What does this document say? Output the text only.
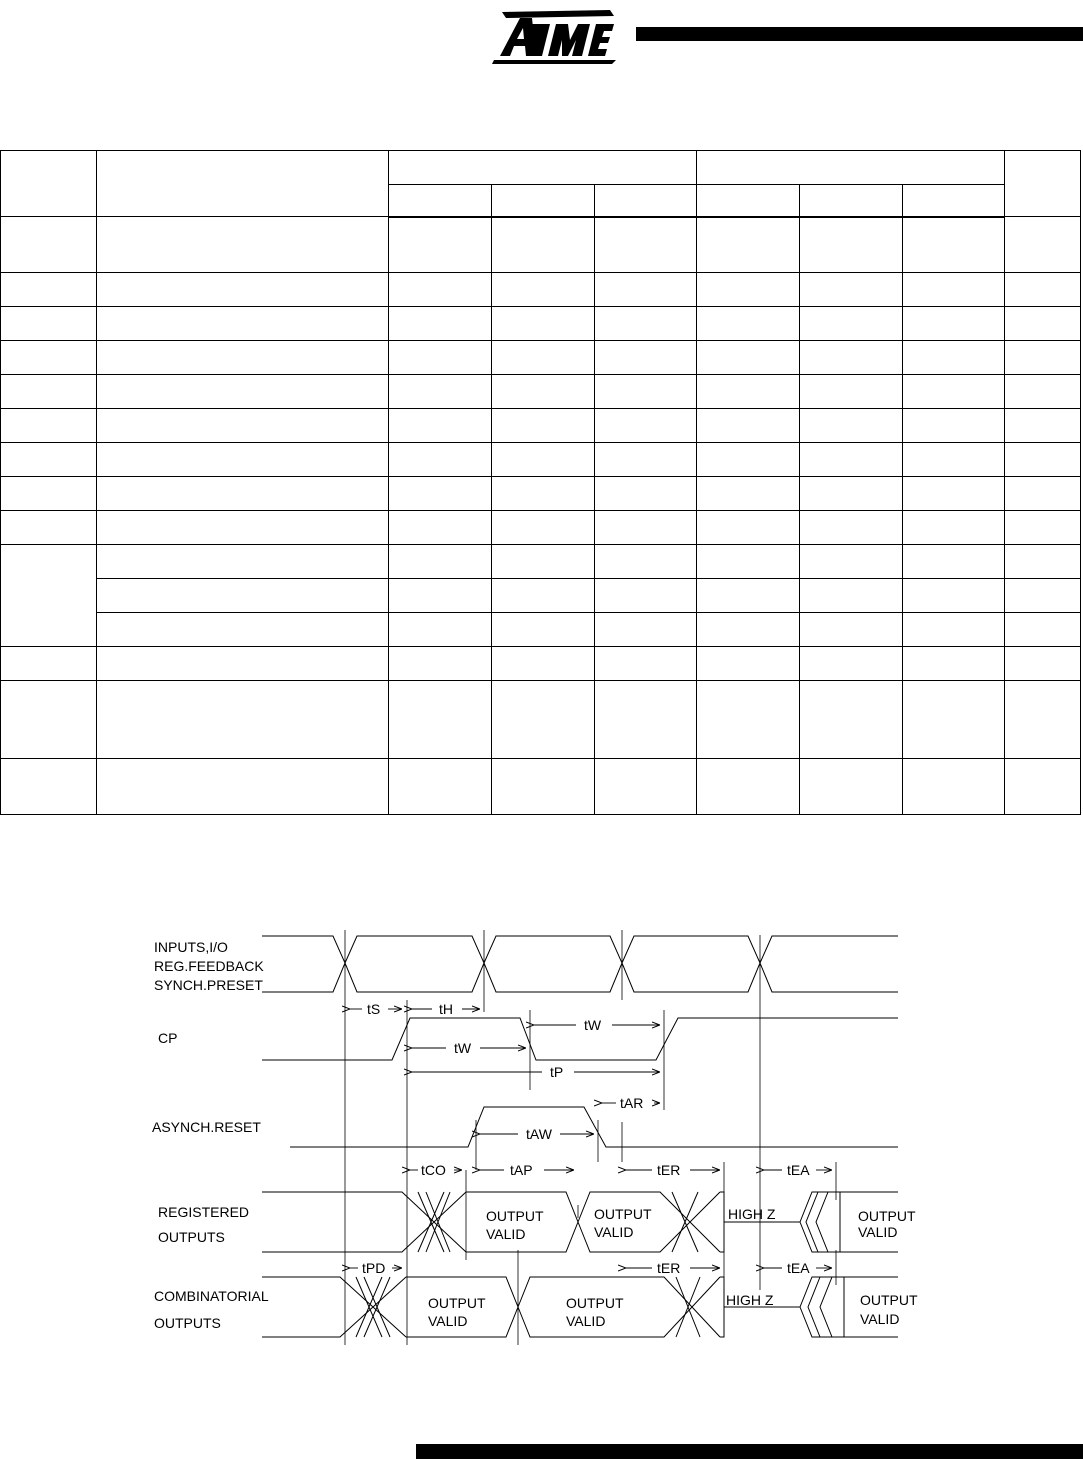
INPUTS,I/O
REG.FEEDBACK
SYNCH.PRESET
CP
ASYNCH.RESET
REGISTERED
OUTPUTS
COMBINATORIAL
OUTPUTS
tS	tH
tW
tW
tP
tAR
tAW
tCO	tAP	tER	tEA
tPD	tER	tEA
OUTPUT
VALID
OUTPUT
VALID
HIGH Z	OUTPUT
VALID
OUTPUT
VALID
OUTPUT
VALID
HIGH Z	OUTPUT
VALID
